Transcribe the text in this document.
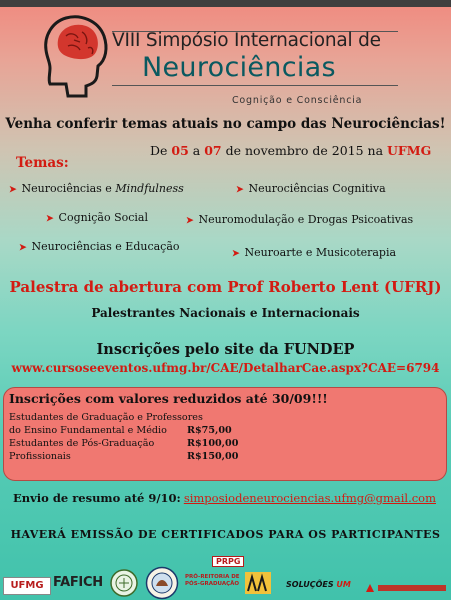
VIII Simpósio Internacional de
Neurociências
Cognição e Consciência
Venha conferir temas atuais no campo das Neurociências!
De 05 a 07 de novembro de 2015 na UFMG
Temas:
➤ Neurociências e Mindfulness	➤ Neurociências Cognitiva
➤ Cognição Social	➤ Neuromodulação e Drogas Psicoativas
➤ Neurociências e Educação
➤ Neuroarte e Musicoterapia
Palestra de abertura com Prof Roberto Lent (UFRJ)
Palestrantes Nacionais e Internacionais
Inscrições pelo site da FUNDEP
www.cursoseeventos.ufmg.br/CAE/DetalharCae.aspx?CAE=6794
Inscrições com valores reduzidos até 30/09!!!
Estudantes de Graduação e Professores
do Ensino Fundamental e Médio R$75,00
Estudantes de Pós-Graduação	R$100,00
Profissionais	R$150,00
Envio de resumo até 9/10: simposiodeneurociencias.ufmg@gmail.com
HAVERÁ EMISSÃO DE CERTIFICADOS PARA OS PARTICIPANTES
UFMG FAFICH	PRÓ-REITORIA DE
PÓS-GRADUAÇÃO
PRPG
SOLUÇÕES UM
